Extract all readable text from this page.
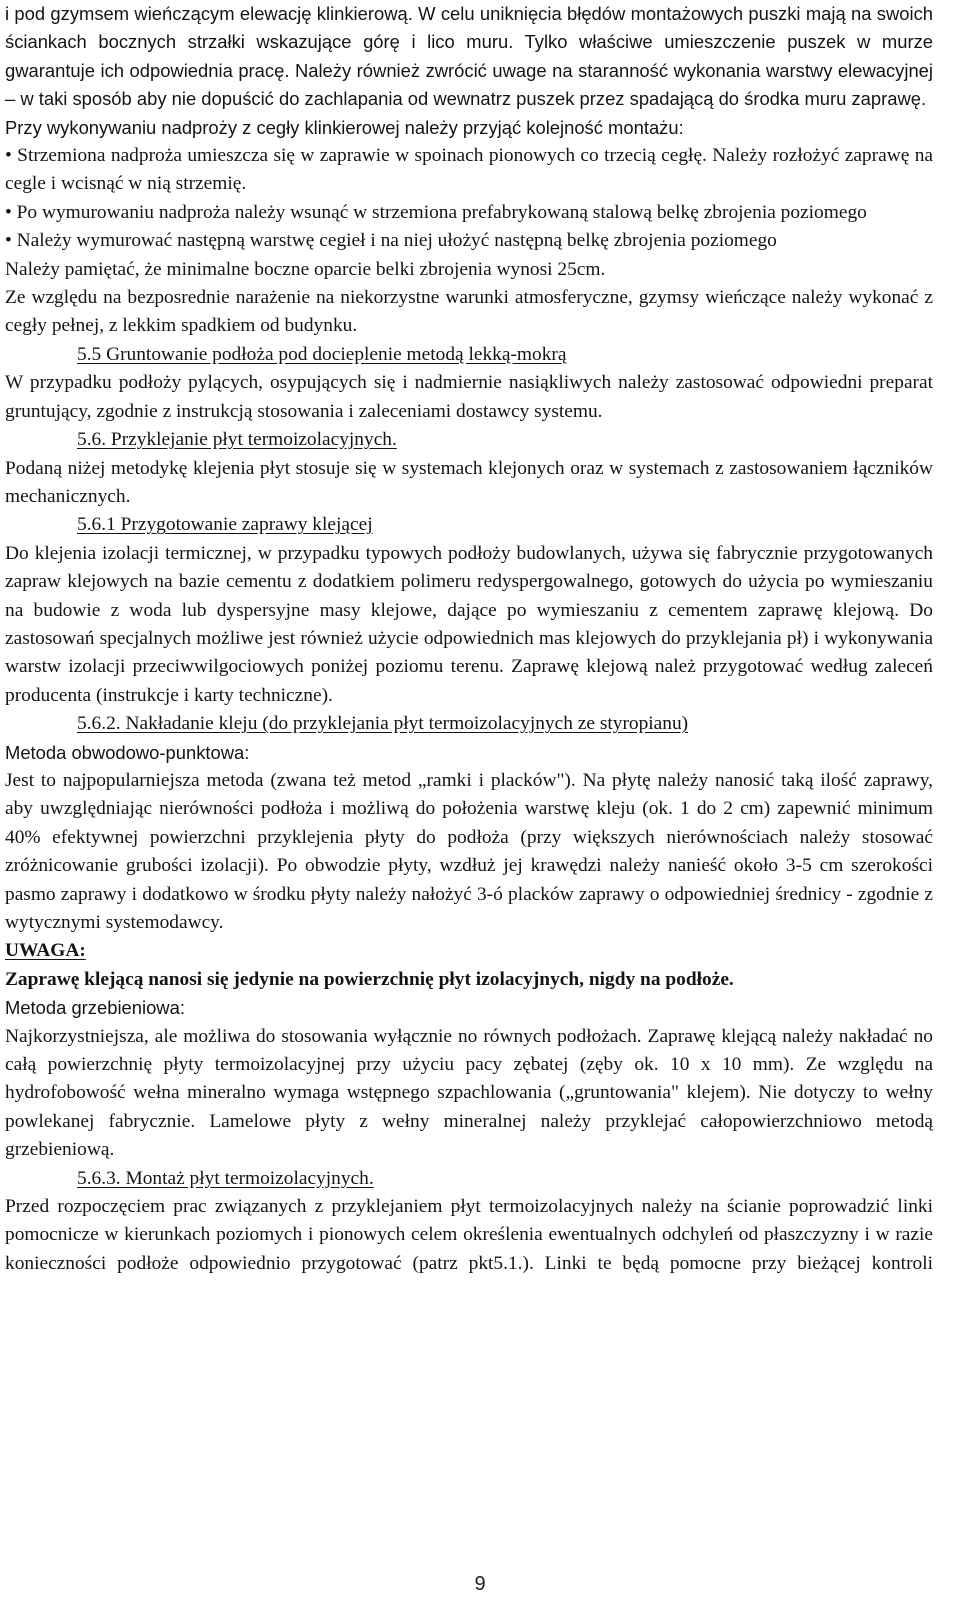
i pod gzymsem wieńczącym elewację klinkierową. W celu uniknięcia błędów montażowych puszki mają na swoich ściankach bocznych strzałki wskazujące górę i lico muru. Tylko właściwe umieszczenie puszek w murze gwarantuje ich odpowiednia pracę. Należy również zwrócić uwage na staranność wykonania warstwy elewacyjnej – w taki sposób aby nie dopuścić do zachlapania od wewnatrz puszek przez spadającą do środka muru zaprawę.

Przy wykonywaniu nadproży z cegły klinkierowej należy przyjąć kolejność montażu:

• Strzemiona nadproża umieszcza się w zaprawie w spoinach pionowych co trzecią cegłę. Należy rozłożyć zaprawę na cegle i wcisnąć w nią strzemię.

• Po wymurowaniu nadproża należy wsunąć w strzemiona prefabrykowaną stalową belkę zbrojenia poziomego

• Należy wymurować następną warstwę cegieł i na niej ułożyć następną belkę zbrojenia poziomego

Należy pamiętać, że minimalne boczne oparcie belki zbrojenia wynosi 25cm.

Ze względu na bezposrednie narażenie na niekorzystne warunki atmosferyczne, gzymsy wieńczące należy wykonać z cegły pełnej, z lekkim spadkiem od budynku.

5.5 Gruntowanie podłoża pod docieplenie metodą lekką-mokrą

W przypadku podłoży pylących, osypujących się i nadmiernie nasiąkliwych należy zastosować odpowiedni preparat gruntujący, zgodnie z instrukcją stosowania i zaleceniami dostawcy systemu.

5.6. Przyklejanie płyt termoizolacyjnych.

Podaną niżej metodykę klejenia płyt stosuje się w systemach klejonych oraz w systemach z zastosowaniem łączników mechanicznych.

5.6.1 Przygotowanie zaprawy klejącej

Do klejenia izolacji termicznej, w przypadku typowych podłoży budowlanych, używa się fabrycznie przygotowanych zapraw klejowych na bazie cementu z dodatkiem polimeru redyspergowalnego, gotowych do użycia po wymieszaniu na budowie z woda lub dyspersyjne masy klejowe, dające po wymieszaniu z cementem zaprawę klejową. Do zastosowań specjalnych możliwe jest również użycie odpowiednich mas klejowych do przyklejania pł) i wykonywania warstw izolacji przeciwwilgociowych poniżej poziomu terenu. Zaprawę klejową należ przygotować według zaleceń producenta (instrukcje i karty techniczne).

5.6.2. Nakładanie kleju (do przyklejania płyt termoizolacyjnych ze styropianu)

Metoda obwodowo-punktowa:

Jest to najpopularniejsza metoda (zwana też metod „ramki i placków"). Na płytę należy nanosić taką ilość zaprawy, aby uwzględniając nierówności podłoża i możliwą do położenia warstwę kleju (ok. 1 do 2 cm) zapewnić minimum 40% efektywnej powierzchni przyklejenia płyty do podłoża (przy większych nierównościach należy stosować zróżnicowanie grubości izolacji). Po obwodzie płyty, wzdłuż jej krawędzi należy nanieść około 3-5 cm szerokości pasmo zaprawy i dodatkowo w środku płyty należy nałożyć 3-ó placków zaprawy o odpowiedniej średnicy - zgodnie z wytycznymi systemodawcy.

UWAGA:

Zaprawę klejącą nanosi się jedynie na powierzchnię płyt izolacyjnych, nigdy na podłoże.

Metoda grzebieniowa:

Najkorzystniejsza, ale możliwa do stosowania wyłącznie no równych podłożach. Zaprawę klejącą należy nakładać no całą powierzchnię płyty termoizolacyjnej przy użyciu pacy zębatej (zęby ok. 10 x 10 mm). Ze względu na hydrofobowość wełna mineralno wymaga wstępnego szpachlowania („gruntowania" klejem). Nie dotyczy to wełny powlekanej fabrycznie. Lamelowe płyty z wełny mineralnej należy przyklejać całopowierzchniowo metodą grzebieniową.

5.6.3. Montaż płyt termoizolacyjnych.

Przed rozpoczęciem prac związanych z przyklejaniem płyt termoizolacyjnych należy na ścianie poprowadzić linki pomocnicze w kierunkach poziomych i pionowych celem określenia ewentualnych odchyleń od płaszczyzny i w razie konieczności podłoże odpowiednio przygotować (patrz pkt5.1.). Linki te będą pomocne przy bieżącej kontroli

9
